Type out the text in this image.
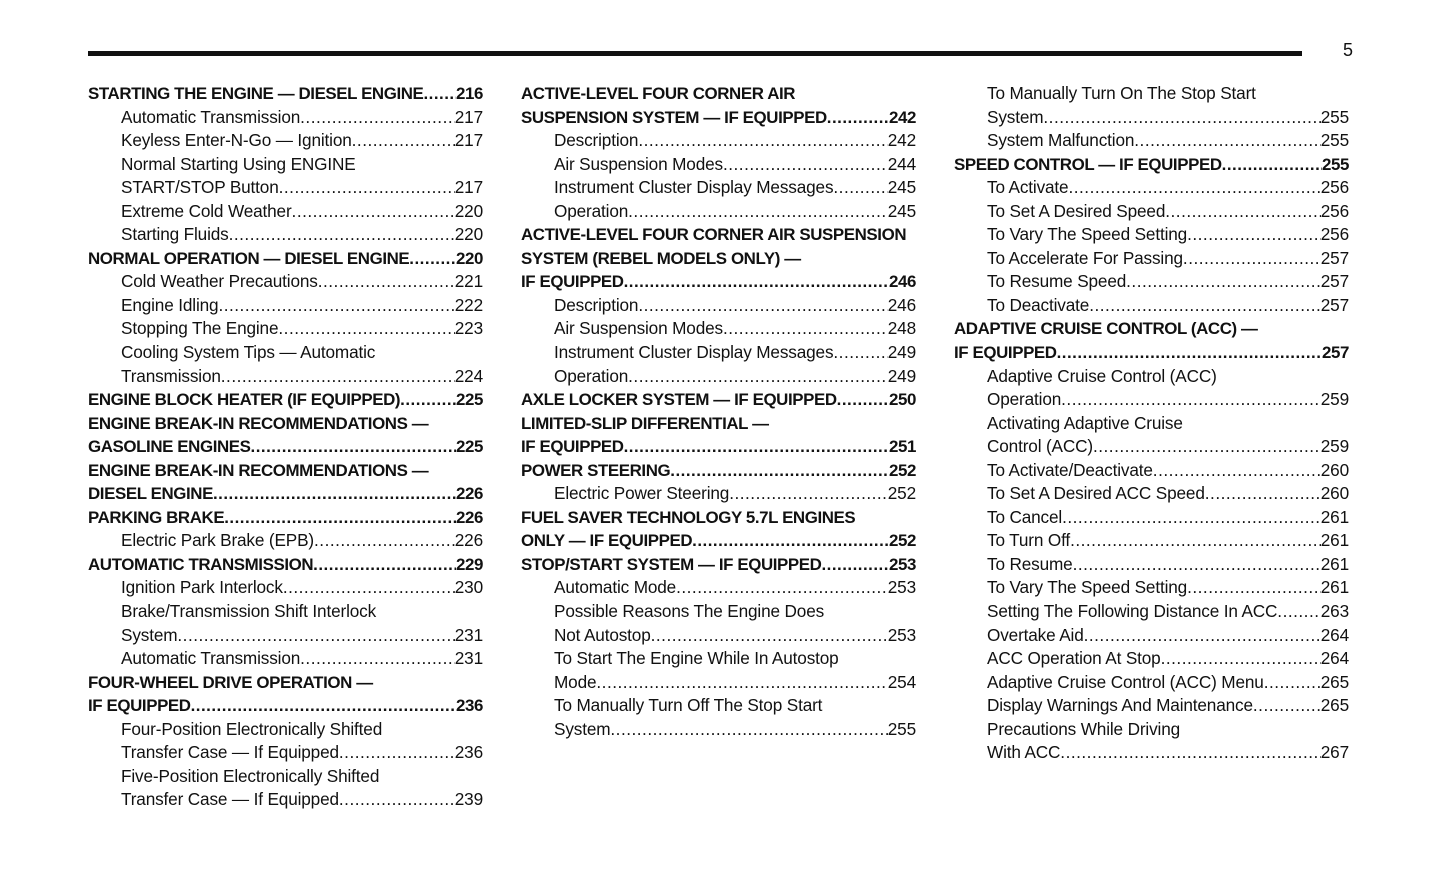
5
STARTING THE ENGINE — DIESEL ENGINE ..... 216
Automatic Transmission .....	217
Keyless Enter-N-Go — Ignition .....	217
Normal Starting Using ENGINE
START/STOP Button .....	217
Extreme Cold Weather .....	220
Starting Fluids .....	220
NORMAL OPERATION — DIESEL ENGINE .....	220
Cold Weather Precautions .....	221
Engine Idling .....	222
Stopping The Engine .....	223
Cooling System Tips — Automatic
Transmission .....	224
ENGINE BLOCK HEATER (IF EQUIPPED) .....	225
ENGINE BREAK-IN RECOMMENDATIONS —
GASOLINE ENGINES .....	225
ENGINE BREAK-IN RECOMMENDATIONS —
DIESEL ENGINE .....	226
PARKING BRAKE .....	226
Electric Park Brake (EPB) .....	226
AUTOMATIC TRANSMISSION .....	229
Ignition Park Interlock .....	230
Brake/Transmission Shift Interlock
System .....	231
Automatic Transmission .....	231
FOUR-WHEEL DRIVE OPERATION —
IF EQUIPPED .....	236
Four-Position Electronically Shifted
Transfer Case — If Equipped .....	236
Five-Position Electronically Shifted
Transfer Case — If Equipped .....	239
ACTIVE-LEVEL FOUR CORNER AIR
SUSPENSION SYSTEM — IF EQUIPPED .....	242
Description .....	242
Air Suspension Modes .....	244
Instrument Cluster Display Messages .....	245
Operation .....	245
ACTIVE-LEVEL FOUR CORNER AIR SUSPENSION
SYSTEM (REBEL MODELS ONLY) —
IF EQUIPPED .....	246
Description .....	246
Air Suspension Modes .....	248
Instrument Cluster Display Messages .....	249
Operation .....	249
AXLE LOCKER SYSTEM — IF EQUIPPED .....	250
LIMITED-SLIP DIFFERENTIAL —
IF EQUIPPED .....	251
POWER STEERING .....	252
Electric Power Steering .....	252
FUEL SAVER TECHNOLOGY 5.7L ENGINES
ONLY — IF EQUIPPED .....	252
STOP/START SYSTEM — IF EQUIPPED .....	253
Automatic Mode .....	253
Possible Reasons The Engine Does
Not Autostop .....	253
To Start The Engine While In Autostop
Mode .....	254
To Manually Turn Off The Stop Start
System .....	255
To Manually Turn On The Stop Start
System .....	255
System Malfunction .....	255
SPEED CONTROL — IF EQUIPPED .....	255
To Activate .....	256
To Set A Desired Speed .....	256
To Vary The Speed Setting .....	256
To Accelerate For Passing .....	257
To Resume Speed .....	257
To Deactivate .....	257
ADAPTIVE CRUISE CONTROL (ACC) —
IF EQUIPPED .....	257
Adaptive Cruise Control (ACC)
Operation .....	259
Activating Adaptive Cruise
Control (ACC) .....	259
To Activate/Deactivate .....	260
To Set A Desired ACC Speed .....	260
To Cancel .....	261
To Turn Off .....	261
To Resume .....	261
To Vary The Speed Setting .....	261
Setting The Following Distance In ACC .....	263
Overtake Aid .....	264
ACC Operation At Stop .....	264
Adaptive Cruise Control (ACC) Menu .....	265
Display Warnings And Maintenance .....	265
Precautions While Driving
With ACC .....	267
